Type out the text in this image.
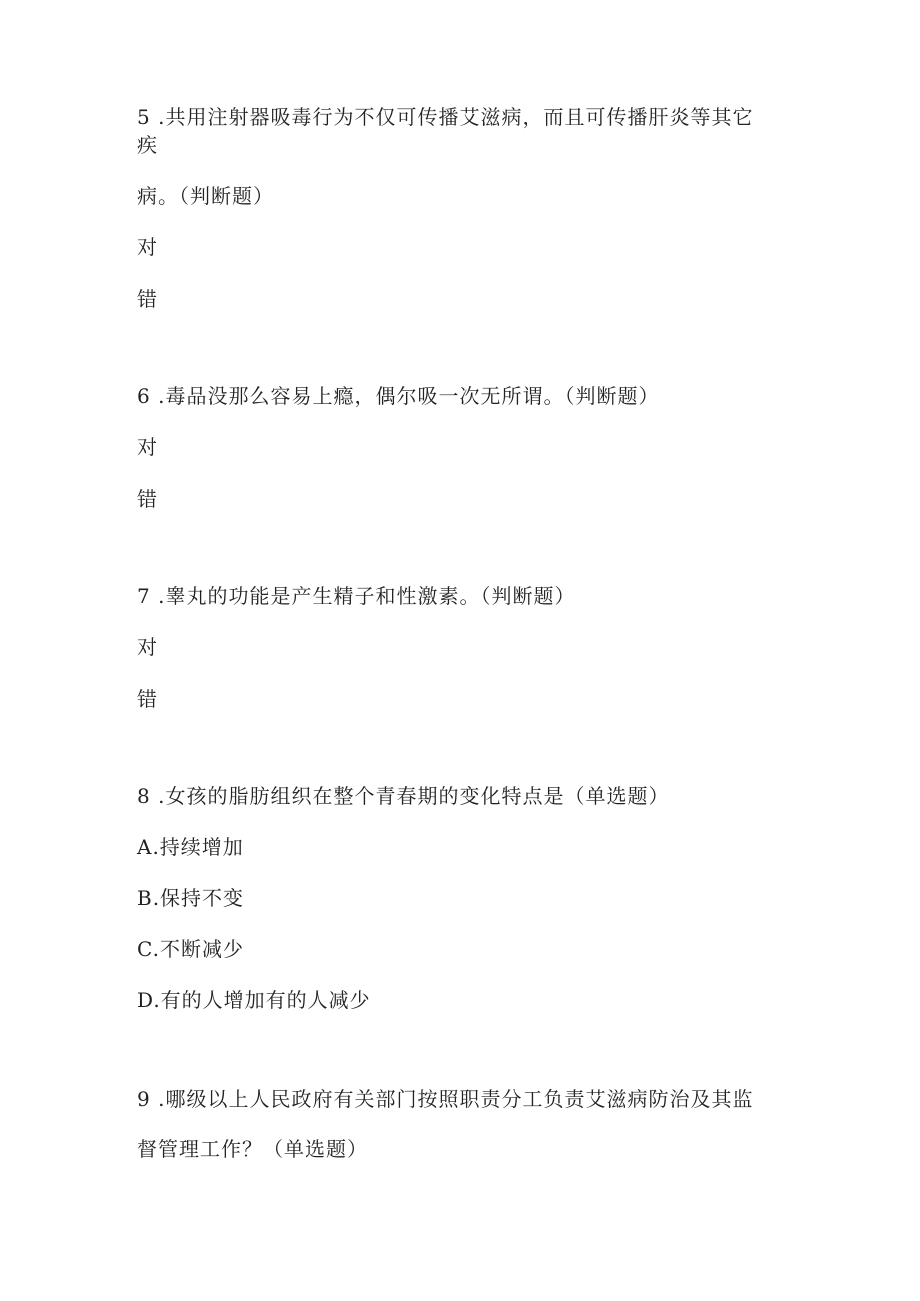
5 .共用注射器吸毒行为不仅可传播艾滋病，而且可传播肝炎等其它
疾
病。（判断题）
对
错
6 .毒品没那么容易上瘾，偶尔吸一次无所谓。（判断题）
对
错
7 .睾丸的功能是产生精子和性激素。（判断题）
对
错
8 .女孩的脂肪组织在整个青春期的变化特点是（单选题）
A.持续增加
B.保持不变
C.不断减少
D.有的人增加有的人减少
9 .哪级以上人民政府有关部门按照职责分工负责艾滋病防治及其监
督管理工作？（单选题）
